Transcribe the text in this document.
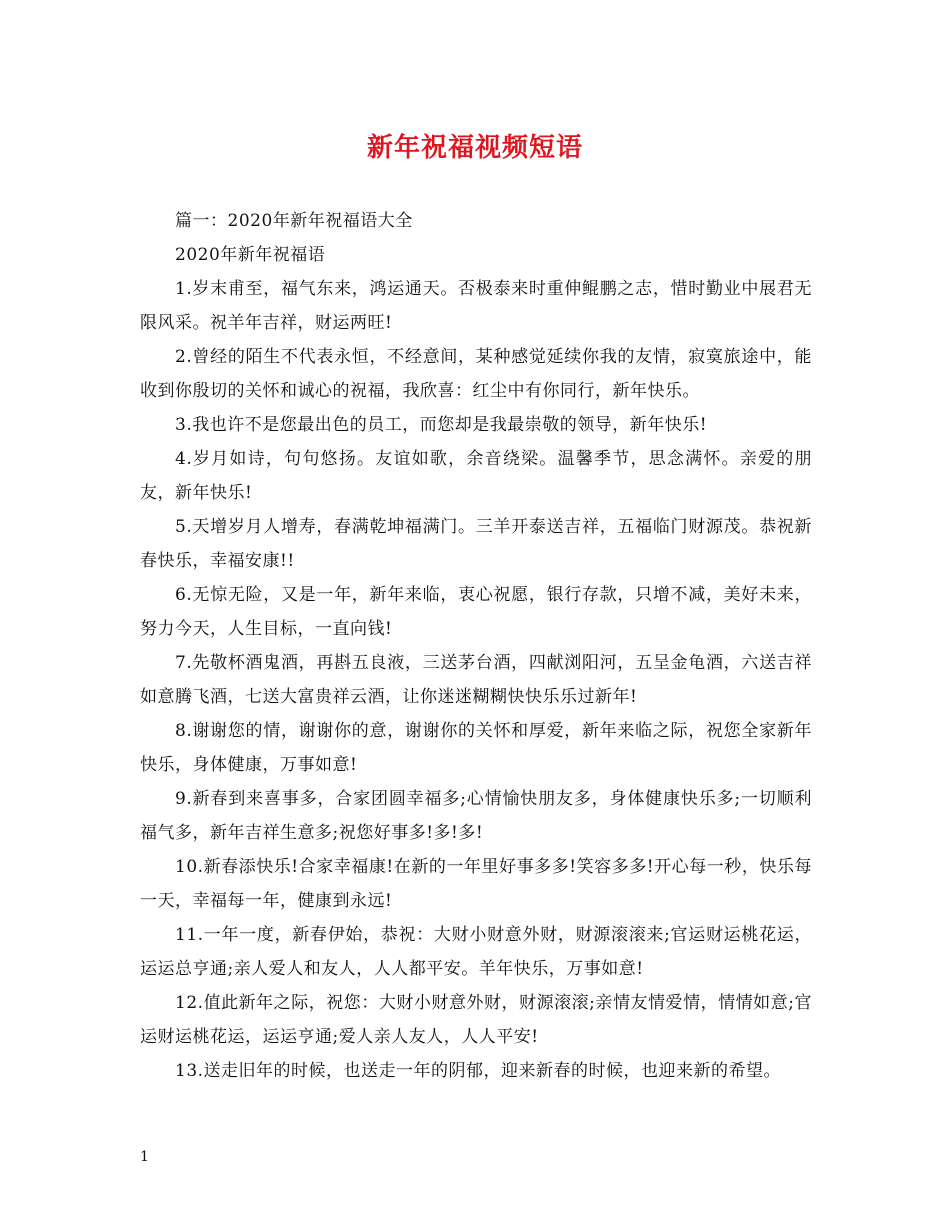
新年祝福视频短语

篇一：2020年新年祝福语大全

2020年新年祝福语

1.岁末甫至，福气东来，鸿运通天。否极泰来时重伸鲲鹏之志，惜时勤业中展君无限风采。祝羊年吉祥，财运两旺!

2.曾经的陌生不代表永恒，不经意间，某种感觉延续你我的友情，寂寞旅途中，能收到你殷切的关怀和诚心的祝福，我欣喜：红尘中有你同行，新年快乐。

3.我也许不是您最出色的员工，而您却是我最崇敬的领导，新年快乐!

4.岁月如诗，句句悠扬。友谊如歌，余音绕梁。温馨季节，思念满怀。亲爱的朋友，新年快乐!

5.天增岁月人增寿，春满乾坤福满门。三羊开泰送吉祥，五福临门财源茂。恭祝新春快乐，幸福安康!!

6.无惊无险，又是一年，新年来临，衷心祝愿，银行存款，只增不减，美好未来，努力今天，人生目标，一直向钱!

7.先敬杯酒鬼酒，再斟五良液，三送茅台酒，四献浏阳河，五呈金龟酒，六送吉祥如意腾飞酒，七送大富贵祥云酒，让你迷迷糊糊快快乐乐过新年!

8.谢谢您的情，谢谢你的意，谢谢你的关怀和厚爱，新年来临之际，祝您全家新年快乐，身体健康，万事如意!

9.新春到来喜事多，合家团圆幸福多;心情愉快朋友多，身体健康快乐多;一切顺利福气多，新年吉祥生意多;祝您好事多!多!多!

10.新春添快乐!合家幸福康!在新的一年里好事多多!笑容多多!开心每一秒，快乐每一天，幸福每一年，健康到永远!

11.一年一度，新春伊始，恭祝：大财小财意外财，财源滚滚来;官运财运桃花运，运运总亨通;亲人爱人和友人，人人都平安。羊年快乐，万事如意!

12.值此新年之际，祝您：大财小财意外财，财源滚滚;亲情友情爱情，情情如意;官运财运桃花运，运运亨通;爱人亲人友人，人人平安!

13.送走旧年的时候，也送走一年的阴郁，迎来新春的时候，也迎来新的希望。

1
